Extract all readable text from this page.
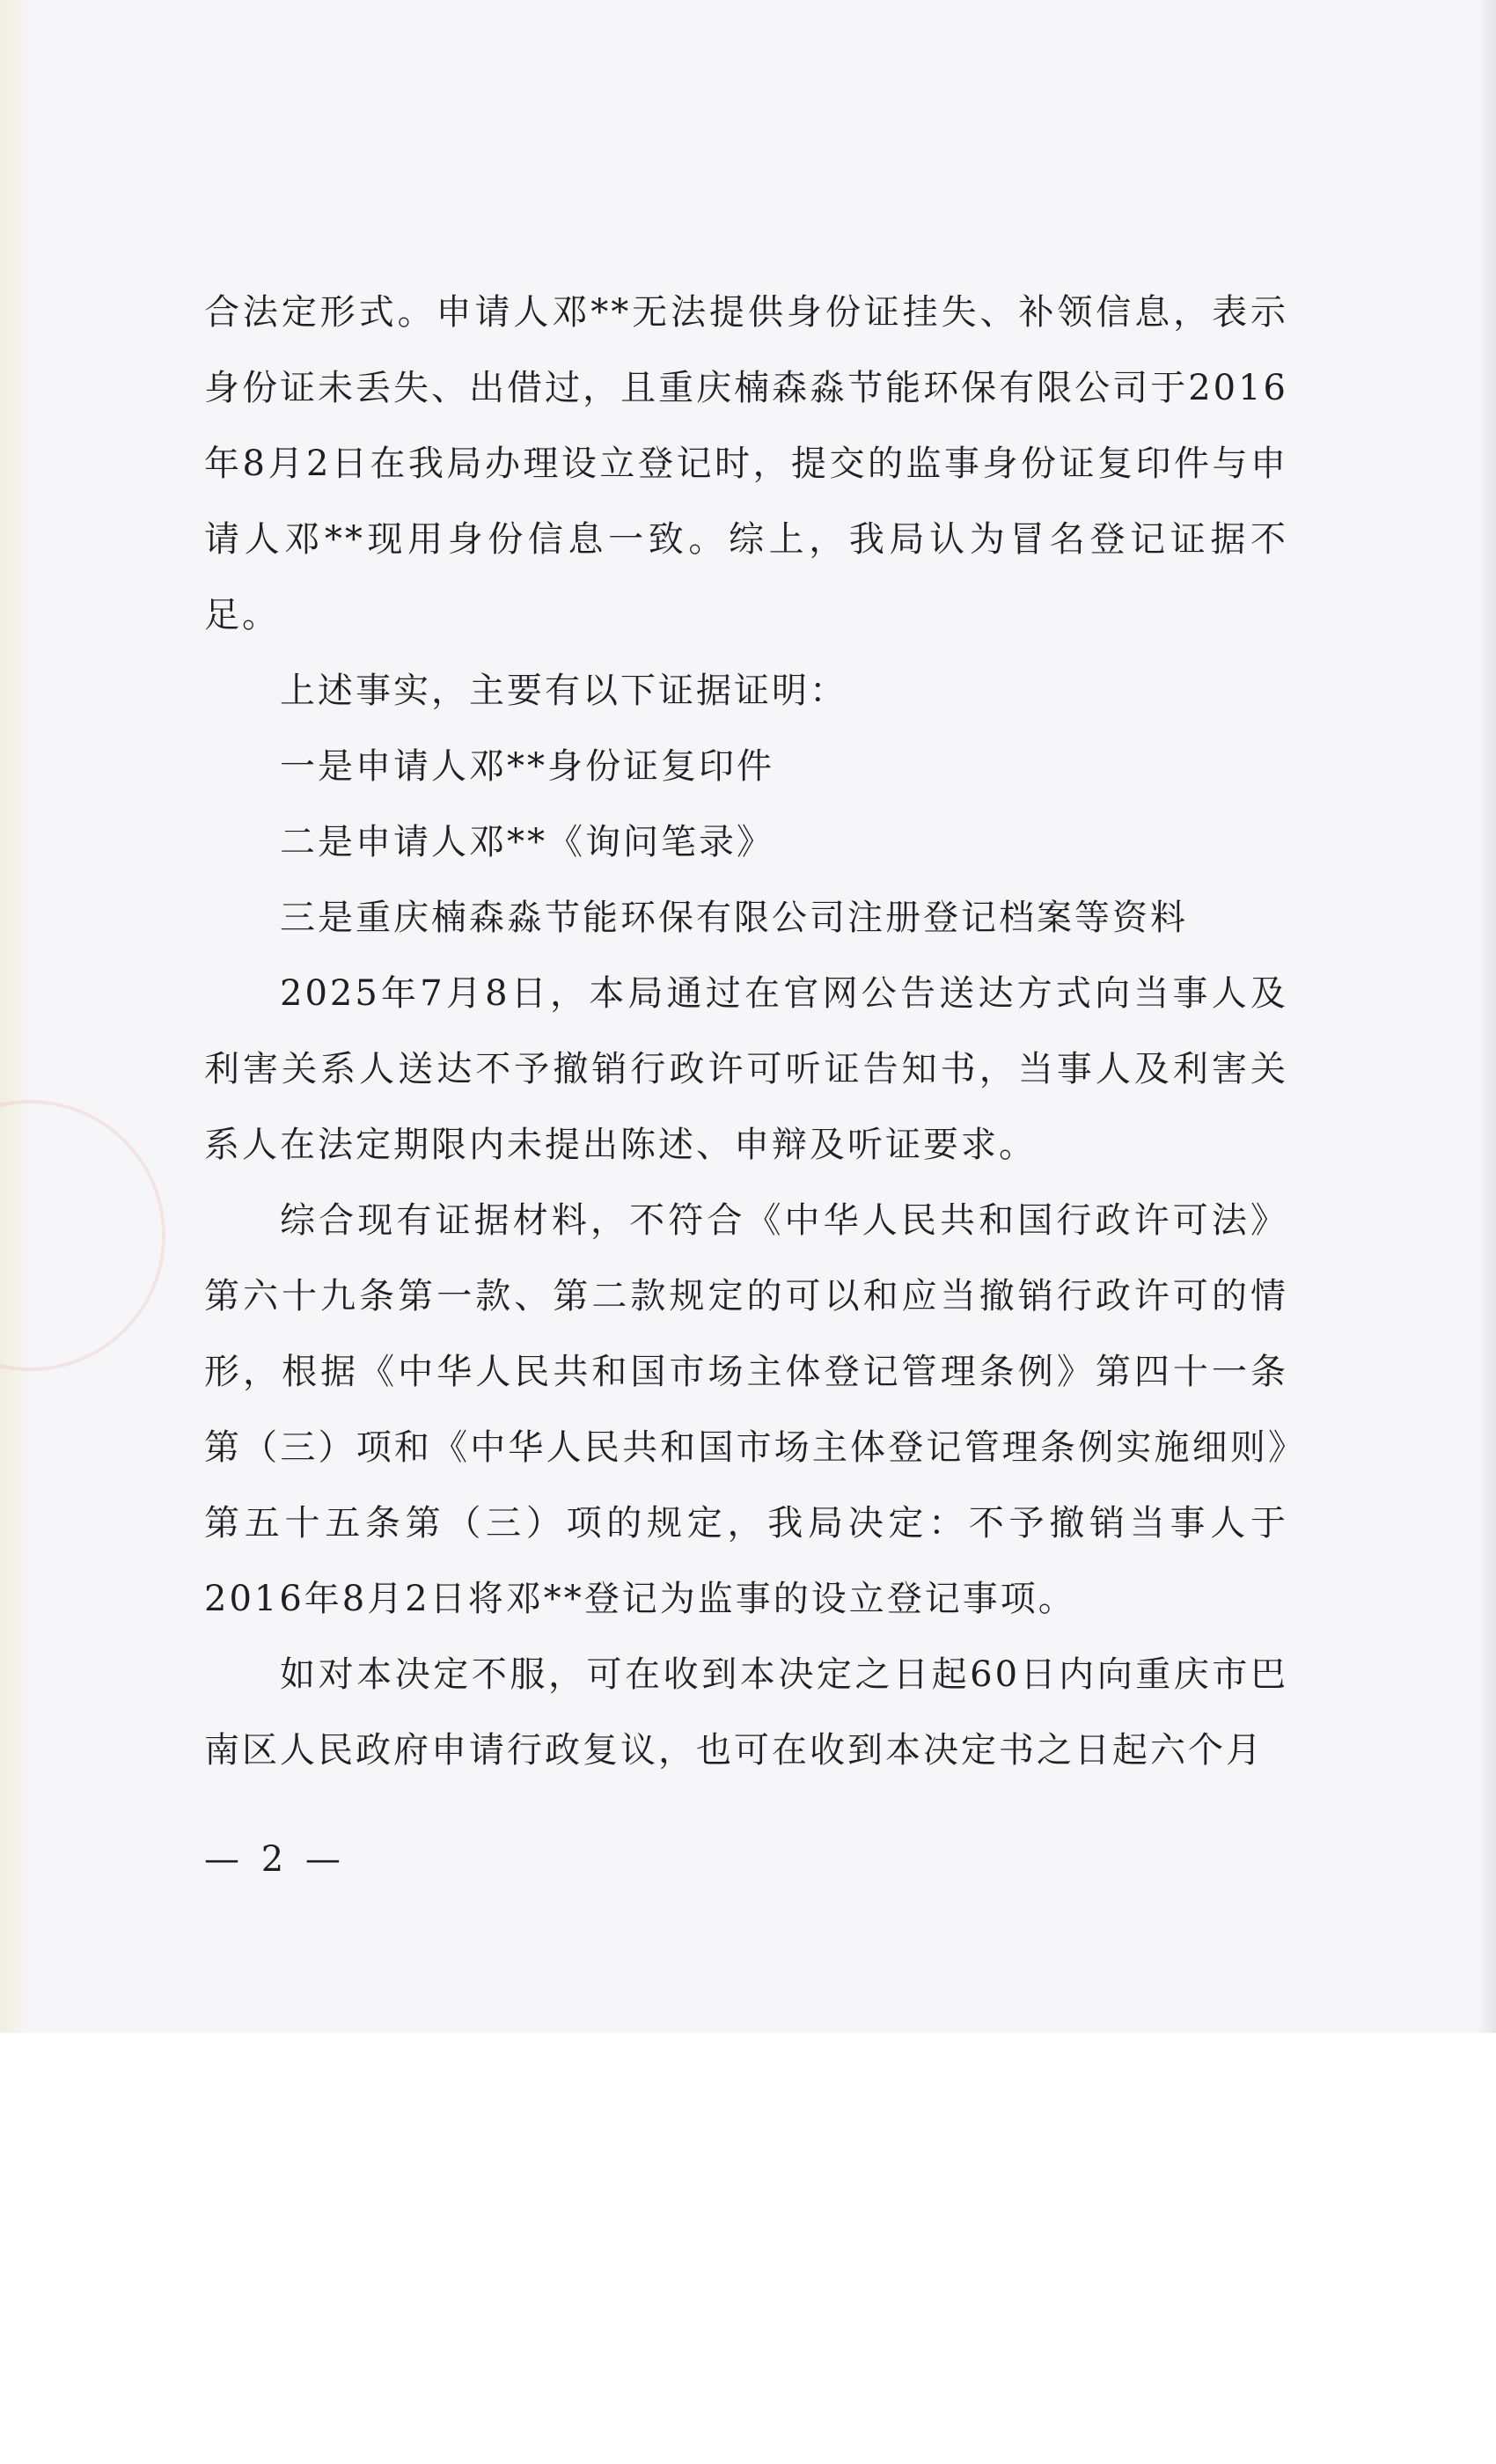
合法定形式。申请人邓**无法提供身份证挂失、补领信息，表示身份证未丢失、出借过，且重庆楠森淼节能环保有限公司于2016年8月2日在我局办理设立登记时，提交的监事身份证复印件与申请人邓**现用身份信息一致。综上，我局认为冒名登记证据不足。

上述事实，主要有以下证据证明：

一是申请人邓**身份证复印件

二是申请人邓**《询问笔录》

三是重庆楠森淼节能环保有限公司注册登记档案等资料

2025年7月8日，本局通过在官网公告送达方式向当事人及利害关系人送达不予撤销行政许可听证告知书，当事人及利害关系人在法定期限内未提出陈述、申辩及听证要求。

综合现有证据材料，不符合《中华人民共和国行政许可法》第六十九条第一款、第二款规定的可以和应当撤销行政许可的情形，根据《中华人民共和国市场主体登记管理条例》第四十一条第（三）项和《中华人民共和国市场主体登记管理条例实施细则》第五十五条第（三）项的规定，我局决定：不予撤销当事人于2016年8月2日将邓**登记为监事的设立登记事项。

如对本决定不服，可在收到本决定之日起60日内向重庆市巴南区人民政府申请行政复议，也可在收到本决定书之日起六个月

— 2 —
